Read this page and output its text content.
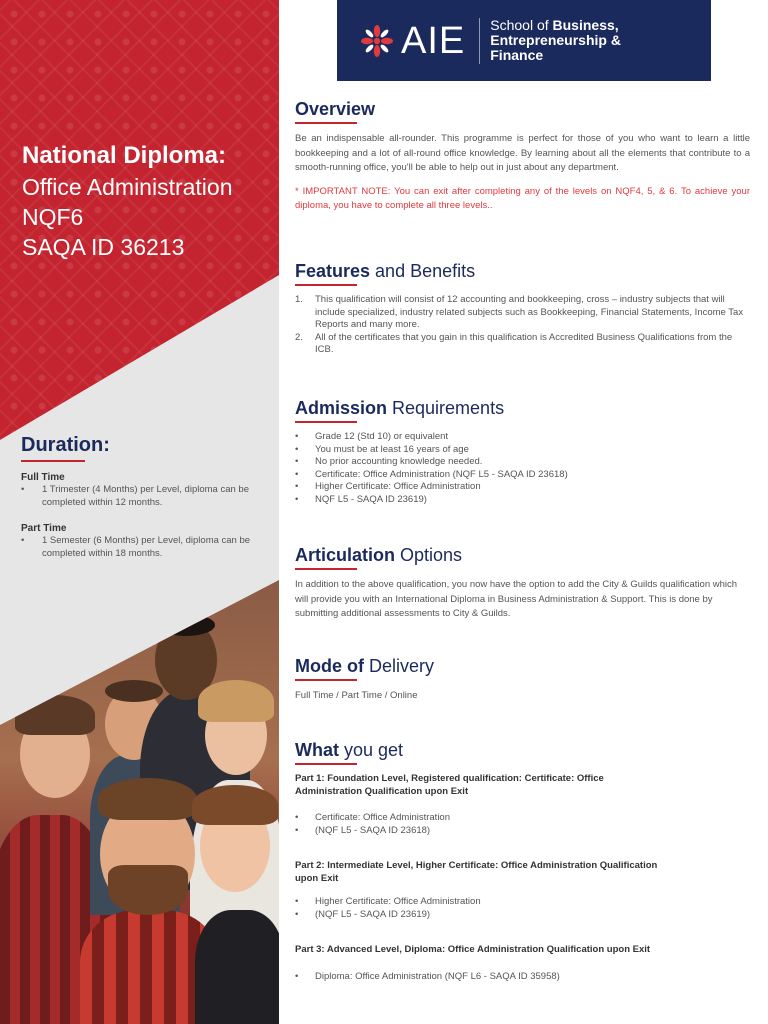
National Diploma:
Office Administration
NQF6
SAQA ID 36213
Duration:
Full Time
• 1 Trimester (4 Months) per Level, diploma can be completed within 12 months.
Part Time
• 1 Semester (6 Months) per Level, diploma can be completed within 18 months.
AIE School of Business,
Entrepreneurship &
Finance
Overview
Be an indispensable all-rounder. This programme is perfect for those of you who want to learn a little bookkeeping and a lot of all-round office knowledge. By learning about all the elements that contribute to a smooth-running office, you'll be able to help out in just about any department.
* IMPORTANT NOTE: You can exit after completing any of the levels on NQF4, 5, & 6. To achieve your diploma, you have to complete all three levels..
Features and Benefits
1. This qualification will consist of 12 accounting and bookkeeping, cross – industry subjects that will include specialized, industry related subjects such as Bookkeeping, Financial Statements, Income Tax Reports and many more.
2. All of the certificates that you gain in this qualification is Accredited Business Qualifications from the ICB.
Admission Requirements
• Grade 12 (Std 10) or equivalent
• You must be at least 16 years of age
• No prior accounting knowledge needed.
• Certificate: Office Administration (NQF L5 - SAQA ID 23618)
• Higher Certificate: Office Administration
• NQF L5 - SAQA ID 23619)
Articulation Options
In addition to the above qualification, you now have the option to add the City & Guilds qualification which will provide you with an International Diploma in Business Administration & Support. This is done by submitting additional assessments to City & Guilds.
Mode of Delivery
Full Time / Part Time / Online
What you get
Part 1: Foundation Level, Registered qualification: Certificate: Office Administration Qualification upon Exit
• Certificate: Office Administration
• (NQF L5 - SAQA ID 23618)
Part 2: Intermediate Level, Higher Certificate: Office Administration Qualification upon Exit
• Higher Certificate: Office Administration
• (NQF L5 - SAQA ID 23619)
Part 3: Advanced Level, Diploma: Office Administration Qualification upon Exit
• Diploma: Office Administration (NQF L6 - SAQA ID 35958)
